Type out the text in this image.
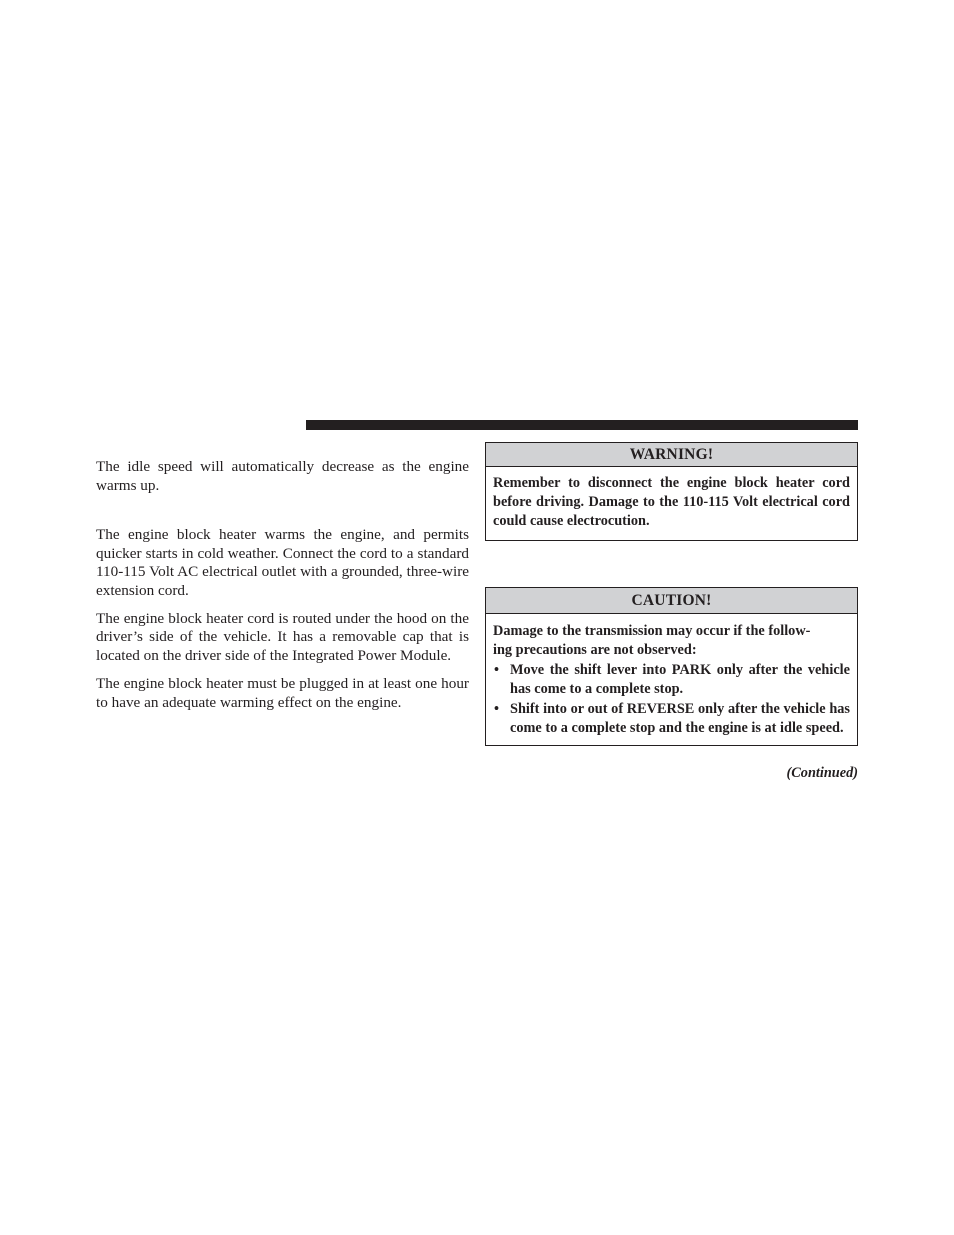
The idle speed will automatically decrease as the engine warms up.

The engine block heater warms the engine, and permits quicker starts in cold weather. Connect the cord to a standard 110-115 Volt AC electrical outlet with a grounded, three-wire extension cord.

The engine block heater cord is routed under the hood on the driver’s side of the vehicle. It has a removable cap that is located on the driver side of the Integrated Power Module.

The engine block heater must be plugged in at least one hour to have an adequate warming effect on the engine.

WARNING!
Remember to disconnect the engine block heater cord before driving. Damage to the 110-115 Volt electrical cord could cause electrocution.
CAUTION!
Damage to the transmission may occur if the follow-
ing precautions are not observed:
• Move the shift lever into PARK only after the vehicle has come to a complete stop.
• Shift into or out of REVERSE only after the vehicle has come to a complete stop and the engine is at idle speed.
(Continued)
